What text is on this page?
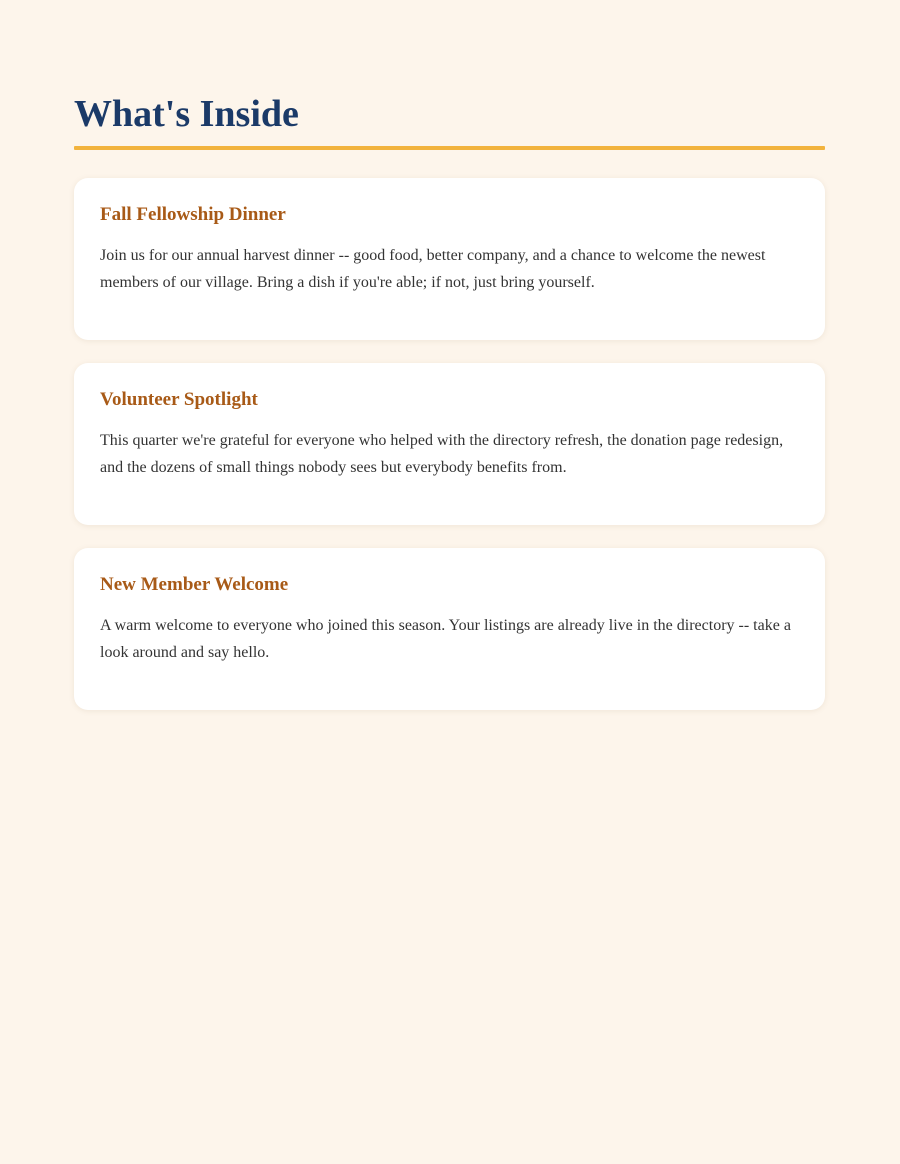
What's Inside
Fall Fellowship Dinner

Join us for our annual harvest dinner -- good food, better company, and a chance to welcome the newest members of our village. Bring a dish if you're able; if not, just bring yourself.

Volunteer Spotlight

This quarter we're grateful for everyone who helped with the directory refresh, the donation page redesign, and the dozens of small things nobody sees but everybody benefits from.

New Member Welcome

A warm welcome to everyone who joined this season. Your listings are already live in the directory -- take a look around and say hello.
